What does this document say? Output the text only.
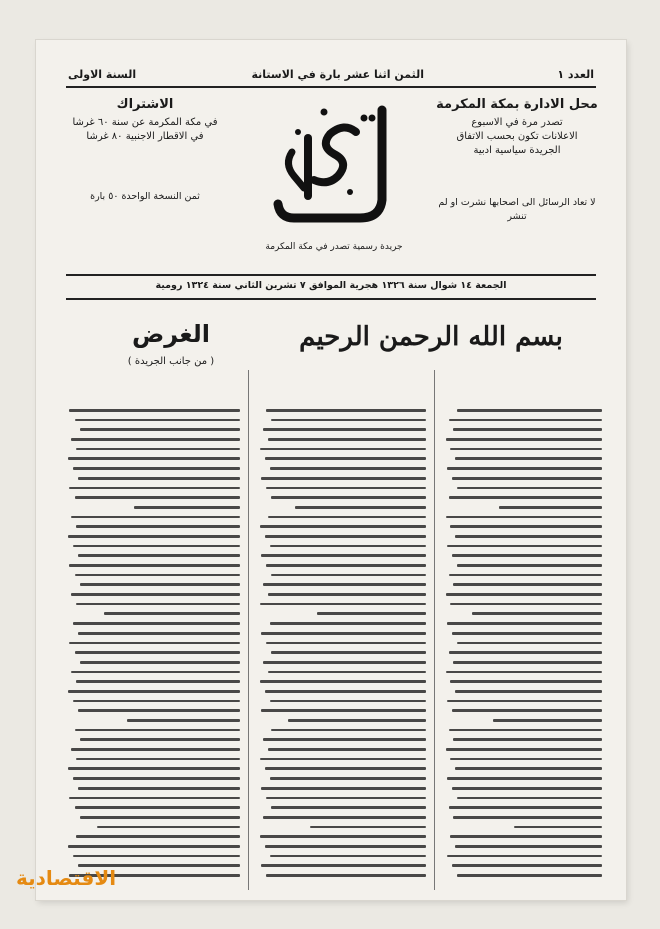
العدد ١
الثمن اثنا عشر بارة في الاستانة
السنة الاولى
محل الادارة بمكة المكرمة
تصدر مرة في الاسبوع
الاعلانات تكون بحسب الاتفاق
الجريدة سياسية ادبية
لا تعاد الرسائل الى اصحابها نشرت او لم تنشر
جريدة رسمية تصدر في مكة المكرمة
الاشتراك
في مكة المكرمة عن سنة ٦٠ غرشا
في الاقطار الاجنبية ٨٠ غرشا
ثمن النسخة الواحدة ٥٠ بارة
الجمعة ١٤ شوال سنة ١٣٢٦ هجرية الموافق ٧ تشرين الثاني سنة ١٣٢٤ رومية
بسم الله الرحمن الرحيم
الغرض
( من جانب الجريدة )
الاقتصادية
